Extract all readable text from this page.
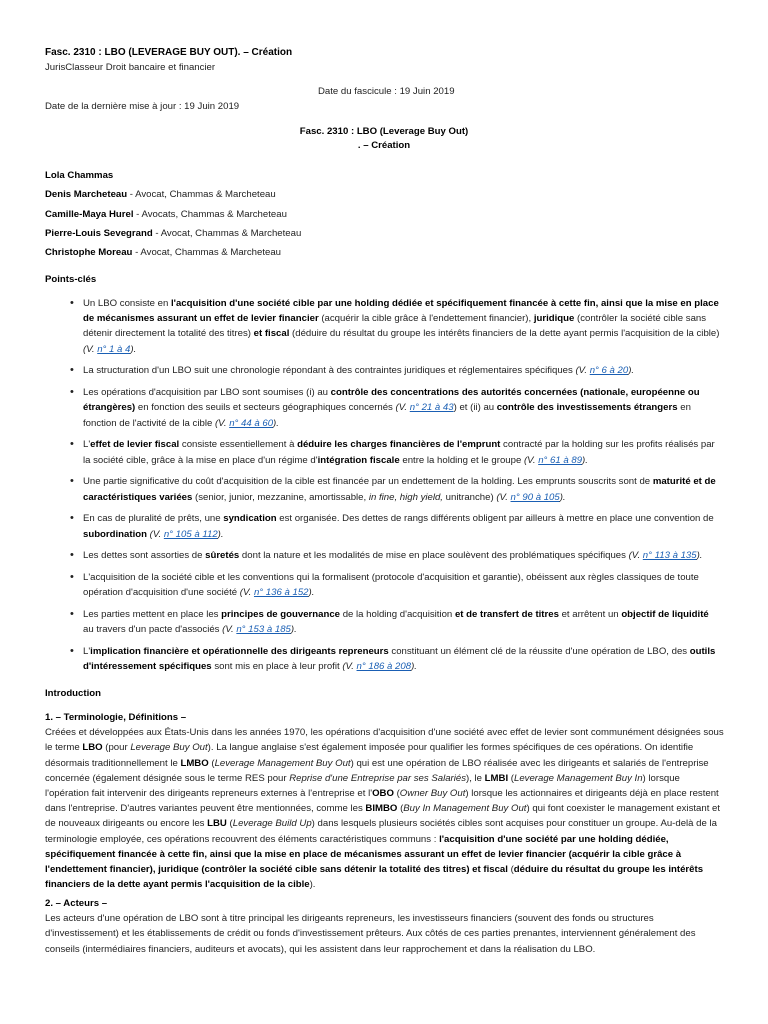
Fasc. 2310 : LBO (LEVERAGE BUY OUT). – Création
JurisClasseur Droit bancaire et financier
Date du fascicule : 19 Juin 2019
Date de la dernière mise à jour : 19 Juin 2019
Fasc. 2310 : LBO (Leverage Buy Out)
. – Création
Lola Chammas
Denis Marcheteau - Avocat, Chammas & Marcheteau
Camille-Maya Hurel - Avocats, Chammas & Marcheteau
Pierre-Louis Sevegrand - Avocat, Chammas & Marcheteau
Christophe Moreau - Avocat, Chammas & Marcheteau
Points-clés
• Un LBO consiste en l'acquisition d'une société cible par une holding dédiée et spécifiquement financée à cette fin, ainsi que la mise en place de mécanismes assurant un effet de levier financier (acquérir la cible grâce à l'endettement financier), juridique (contrôler la société cible sans détenir directement la totalité des titres) et fiscal (déduire du résultat du groupe les intérêts financiers de la dette ayant permis l'acquisition de la cible) (V. n° 1 à 4).
• La structuration d'un LBO suit une chronologie répondant à des contraintes juridiques et réglementaires spécifiques (V. n° 6 à 20).
• Les opérations d'acquisition par LBO sont soumises (i) au contrôle des concentrations des autorités concernées (nationale, européenne ou étrangères) en fonction des seuils et secteurs géographiques concernés (V. n° 21 à 43) et (ii) au contrôle des investissements étrangers en fonction de l'activité de la cible (V. n° 44 à 60).
• L'effet de levier fiscal consiste essentiellement à déduire les charges financières de l'emprunt contracté par la holding sur les profits réalisés par la société cible, grâce à la mise en place d'un régime d'intégration fiscale entre la holding et le groupe (V. n° 61 à 89).
• Une partie significative du coût d'acquisition de la cible est financée par un endettement de la holding. Les emprunts souscrits sont de maturité et de caractéristiques variées (senior, junior, mezzanine, amortissable, in fine, high yield, unitranche) (V. n° 90 à 105).
• En cas de pluralité de prêts, une syndication est organisée. Des dettes de rangs différents obligent par ailleurs à mettre en place une convention de subordination (V. n° 105 à 112).
• Les dettes sont assorties de sûretés dont la nature et les modalités de mise en place soulèvent des problématiques spécifiques (V. n° 113 à 135).
• L'acquisition de la société cible et les conventions qui la formalisent (protocole d'acquisition et garantie), obéissent aux règles classiques de toute opération d'acquisition d'une société (V. n° 136 à 152).
• Les parties mettent en place les principes de gouvernance de la holding d'acquisition et de transfert de titres et arrêtent un objectif de liquidité au travers d'un pacte d'associés (V. n° 153 à 185).
• L'implication financière et opérationnelle des dirigeants repreneurs constituant un élément clé de la réussite d'une opération de LBO, des outils d'intéressement spécifiques sont mis en place à leur profit (V. n° 186 à 208).
Introduction
1. – Terminologie, Définitions –
Créées et développées aux États-Unis dans les années 1970, les opérations d'acquisition d'une société avec effet de levier sont communément désignées sous le terme LBO (pour Leverage Buy Out). La langue anglaise s'est également imposée pour qualifier les formes spécifiques de ces opérations. On identifie désormais traditionnellement le LMBO (Leverage Management Buy Out) qui est une opération de LBO réalisée avec les dirigeants et salariés de l'entreprise concernée (également désignée sous le terme RES pour Reprise d'une Entreprise par ses Salariés), le LMBI (Leverage Management Buy In) lorsque l'opération fait intervenir des dirigeants repreneurs externes à l'entreprise et l'OBO (Owner Buy Out) lorsque les actionnaires et dirigeants déjà en place restent dans l'entreprise. D'autres variantes peuvent être mentionnées, comme les BIMBO (Buy In Management Buy Out) qui font coexister le management existant et de nouveaux dirigeants ou encore les LBU (Leverage Build Up) dans lesquels plusieurs sociétés cibles sont acquises pour constituer un groupe. Au-delà de la terminologie employée, ces opérations recouvrent des éléments caractéristiques communs : l'acquisition d'une société par une holding dédiée, spécifiquement financée à cette fin, ainsi que la mise en place de mécanismes assurant un effet de levier financier (acquérir la cible grâce à l'endettement financier), juridique (contrôler la société cible sans détenir la totalité des titres) et fiscal (déduire du résultat du groupe les intérêts financiers de la dette ayant permis l'acquisition de la cible).
2. – Acteurs –
Les acteurs d'une opération de LBO sont à titre principal les dirigeants repreneurs, les investisseurs financiers (souvent des fonds ou structures d'investissement) et les établissements de crédit ou fonds d'investissement prêteurs. Aux côtés de ces parties prenantes, interviennent généralement des conseils (intermédiaires financiers, auditeurs et avocats), qui les assistent dans leur rapprochement et dans la réalisation du LBO.
